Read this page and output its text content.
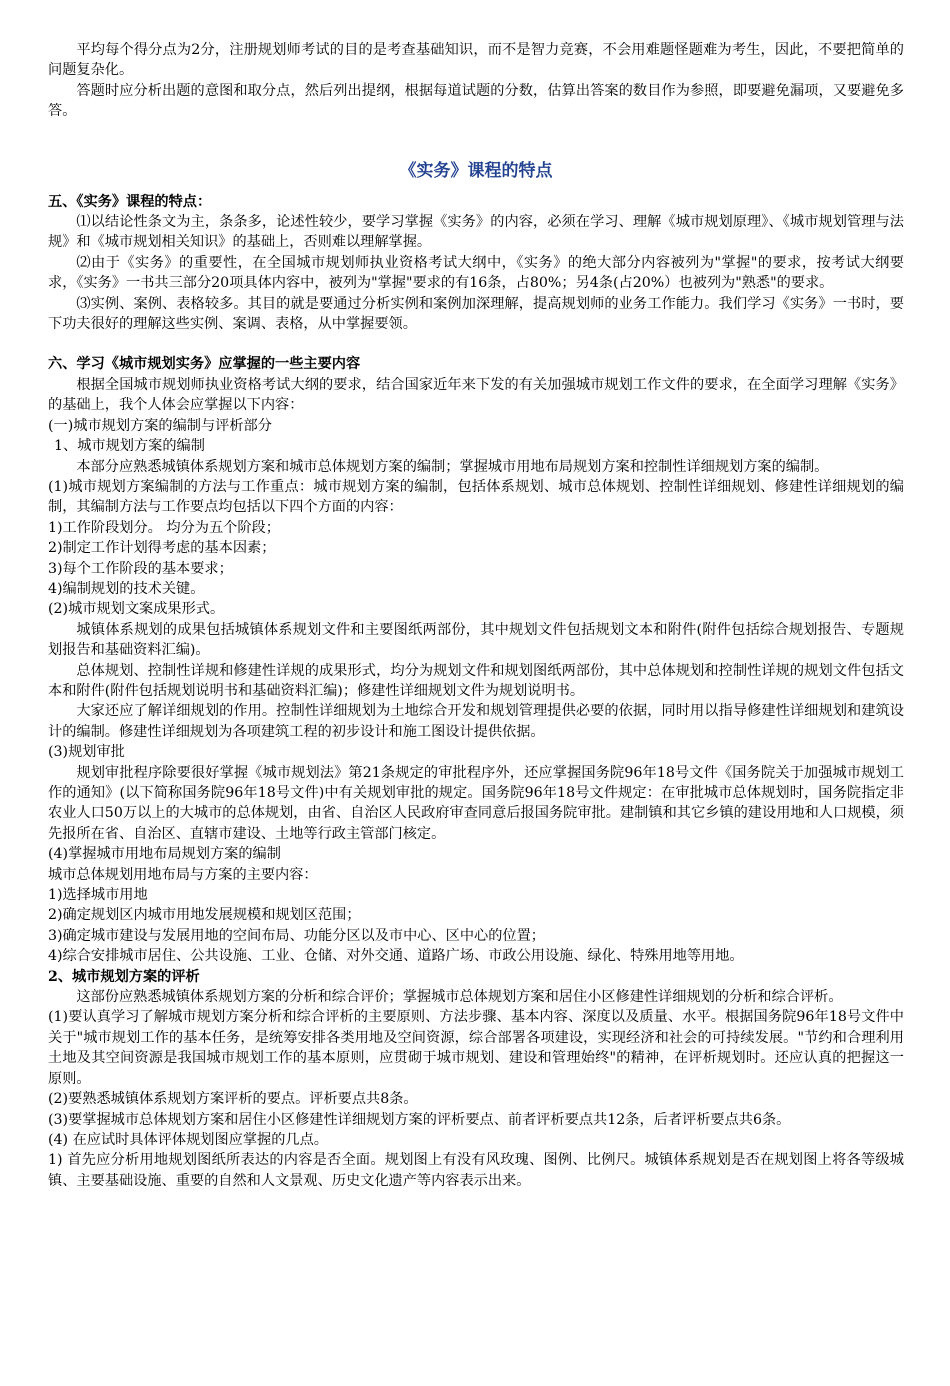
平均每个得分点为2分，注册规划师考试的目的是考查基础知识，而不是智力竞赛，不会用难题怪题难为考生，因此，不要把简单的问题复杂化。

答题时应分析出题的意图和取分点，然后列出提纲，根据每道试题的分数，估算出答案的数目作为参照，即要避免漏项，又要避免多答。

《实务》课程的特点

五、《实务》课程的特点：

⑴以结论性条文为主，条条多，论述性较少，要学习掌握《实务》的内容，必须在学习、理解《城市规划原理》、《城市规划管理与法规》和《城市规划相关知识》的基础上，否则难以理解掌握。

⑵由于《实务》的重要性，在全国城市规划师执业资格考试大纲中，《实务》的绝大部分内容被列为"掌握"的要求，按考试大纲要求，《实务》一书共三部分20项具体内容中，被列为"掌握"要求的有16条，占80%；另4条(占20%）也被列为"熟悉"的要求。

⑶实例、案例、表格较多。其目的就是要通过分析实例和案例加深理解，提高规划师的业务工作能力。我们学习《实务》一书时，要下功夫很好的理解这些实例、案调、表格，从中掌握要领。

六、学习《城市规划实务》应掌握的一些主要内容

根据全国城市规划师执业资格考试大纲的要求，结合国家近年来下发的有关加强城市规划工作文件的要求，在全面学习理解《实务》的基础上，我个人体会应掌握以下内容：

(一)城市规划方案的编制与评析部分

1、城市规划方案的编制

本部分应熟悉城镇体系规划方案和城市总体规划方案的编制；掌握城市用地布局规划方案和控制性详细规划方案的编制。

(1)城市规划方案编制的方法与工作重点：城市规划方案的编制，包括体系规划、城市总体规划、控制性详细规划、修建性详细规划的编制，其编制方法与工作要点均包括以下四个方面的内容：

1)工作阶段划分。 均分为五个阶段；

2)制定工作计划得考虑的基本因素；

3)每个工作阶段的基本要求；

4)编制规划的技术关键。

(2)城市规划文案成果形式。

城镇体系规划的成果包括城镇体系规划文件和主要图纸两部份，其中规划文件包括规划文本和附件(附件包括综合规划报告、专题规划报告和基础资料汇编)。

总体规划、控制性详规和修建性详规的成果形式，均分为规划文件和规划图纸两部份，其中总体规划和控制性详规的规划文件包括文本和附件(附件包括规划说明书和基础资料汇编)；修建性详细规划文件为规划说明书。

大家还应了解详细规划的作用。控制性详细规划为土地综合开发和规划管理提供必要的依据，同时用以指导修建性详细规划和建筑设计的编制。修建性详细规划为各项建筑工程的初步设计和施工图设计提供依据。

(3)规划审批

规划审批程序除要很好掌握《城市规划法》第21条规定的审批程序外，还应掌握国务院96年18号文件《国务院关于加强城市规划工作的通知》(以下简称国务院96年18号文件)中有关规划审批的规定。国务院96年18号文件规定：在审批城市总体规划时，国务院指定非农业人口50万以上的大城市的总体规划，由省、自治区人民政府审查同意后报国务院审批。建制镇和其它乡镇的建设用地和人口规模，须先报所在省、自治区、直辖市建设、土地等行政主管部门核定。

(4)掌握城市用地布局规划方案的编制

城市总体规划用地布局与方案的主要内容：

1)选择城市用地

2)确定规划区内城市用地发展规模和规划区范围；

3)确定城市建设与发展用地的空间布局、功能分区以及市中心、区中心的位置；

4)综合安排城市居住、公共设施、工业、仓储、对外交通、道路广场、市政公用设施、绿化、特殊用地等用地。

2、城市规划方案的评析

这部份应熟悉城镇体系规划方案的分析和综合评价；掌握城市总体规划方案和居住小区修建性详细规划的分析和综合评析。

(1)要认真学习了解城市规划方案分析和综合评析的主要原则、方法步骤、基本内容、深度以及质量、水平。根据国务院96年18号文件中关于"城市规划工作的基本任务，是统筹安排各类用地及空间资源，综合部署各项建设，实现经济和社会的可持续发展。"节约和合理利用土地及其空间资源是我国城市规划工作的基本原则，应贯砌于城市规划、建设和管理始终"的精神，在评析规划时。还应认真的把握这一原则。

(2)要熟悉城镇体系规划方案评析的要点。评析要点共8条。

(3)要掌握城市总体规划方案和居住小区修建性详细规划方案的评析要点、前者评析要点共12条，后者评析要点共6条。

(4) 在应试时具体评体规划图应掌握的几点。

1) 首先应分析用地规划图纸所表达的内容是否全面。规划图上有没有风玫瑰、图例、比例尺。城镇体系规划是否在规划图上将各等级城镇、主要基础设施、重要的自然和人文景观、历史文化遗产等内容表示出来。
